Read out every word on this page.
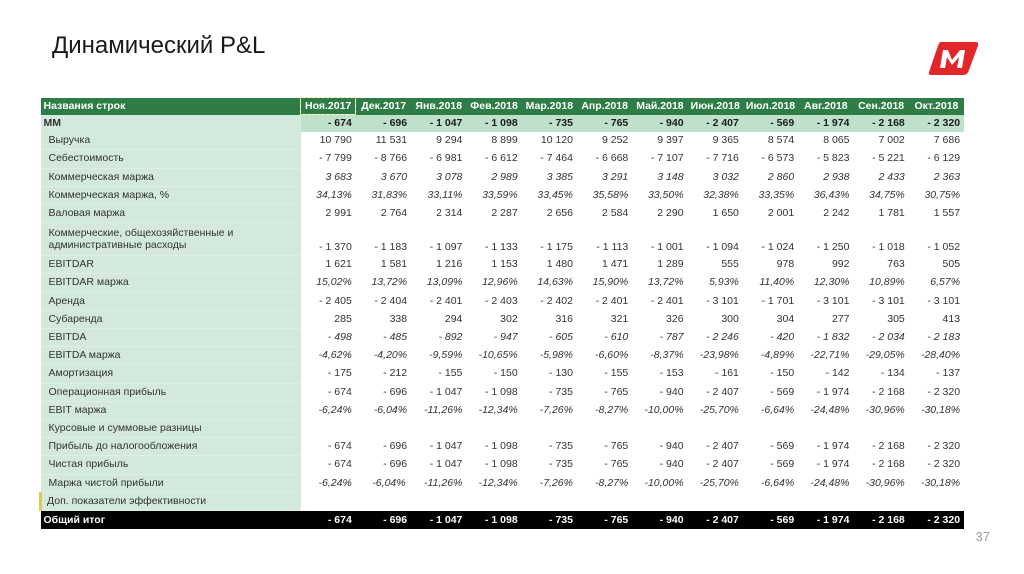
Динамический P&L
Названия строк	Ноя.2017	Дек.2017	Янв.2018	Фев.2018	Мар.2018	Апр.2018	Май.2018	Июн.2018	Июл.2018	Авг.2018	Сен.2018	Окт.2018
MM	- 674	- 696	- 1 047	- 1 098	- 735	- 765	- 940	- 2 407	- 569	- 1 974	- 2 168	- 2 320
Выручка	10 790	11 531	9 294	8 899	10 120	9 252	9 397	9 365	8 574	8 065	7 002	7 686
Себестоимость	- 7 799	- 8 766	- 6 981	- 6 612	- 7 464	- 6 668	- 7 107	- 7 716	- 6 573	- 5 823	- 5 221	- 6 129
Коммерческая маржа	3 683	3 670	3 078	2 989	3 385	3 291	3 148	3 032	2 860	2 938	2 433	2 363
Коммерческая маржа, %	34,13%	31,83%	33,11%	33,59%	33,45%	35,58%	33,50%	32,38%	33,35%	36,43%	34,75%	30,75%
Валовая маржа	2 991	2 764	2 314	2 287	2 656	2 584	2 290	1 650	2 001	2 242	1 781	1 557
Коммерческие, общехозяйственные и административные расходы	- 1 370	- 1 183	- 1 097	- 1 133	- 1 175	- 1 113	- 1 001	- 1 094	- 1 024	- 1 250	- 1 018	- 1 052
EBITDAR	1 621	1 581	1 216	1 153	1 480	1 471	1 289	555	978	992	763	505
EBITDAR маржа	15,02%	13,72%	13,09%	12,96%	14,63%	15,90%	13,72%	5,93%	11,40%	12,30%	10,89%	6,57%
Аренда	- 2 405	- 2 404	- 2 401	- 2 403	- 2 402	- 2 401	- 2 401	- 3 101	- 1 701	- 3 101	- 3 101	- 3 101
Субаренда	285	338	294	302	316	321	326	300	304	277	305	413
EBITDA	- 498	- 485	- 892	- 947	- 605	- 610	- 787	- 2 246	- 420	- 1 832	- 2 034	- 2 183
EBITDA маржа	-4,62%	-4,20%	-9,59%	-10,65%	-5,98%	-6,60%	-8,37%	-23,98%	-4,89%	-22,71%	-29,05%	-28,40%
Амортизация	- 175	- 212	- 155	- 150	- 130	- 155	- 153	- 161	- 150	- 142	- 134	- 137
Операционная прибыль	- 674	- 696	- 1 047	- 1 098	- 735	- 765	- 940	- 2 407	- 569	- 1 974	- 2 168	- 2 320
EBIT маржа	-6,24%	-6,04%	-11,26%	-12,34%	-7,26%	-8,27%	-10,00%	-25,70%	-6,64%	-24,48%	-30,96%	-30,18%
Курсовые и суммовые разницы												
Прибыль до налогообложения	- 674	- 696	- 1 047	- 1 098	- 735	- 765	- 940	- 2 407	- 569	- 1 974	- 2 168	- 2 320
Чистая прибыль	- 674	- 696	- 1 047	- 1 098	- 735	- 765	- 940	- 2 407	- 569	- 1 974	- 2 168	- 2 320
Маржа чистой прибыли	-6,24%	-6,04%	-11,26%	-12,34%	-7,26%	-8,27%	-10,00%	-25,70%	-6,64%	-24,48%	-30,96%	-30,18%
Доп. показатели эффективности												
Общий итог	- 674	- 696	- 1 047	- 1 098	- 735	- 765	- 940	- 2 407	- 569	- 1 974	- 2 168	- 2 320
37
